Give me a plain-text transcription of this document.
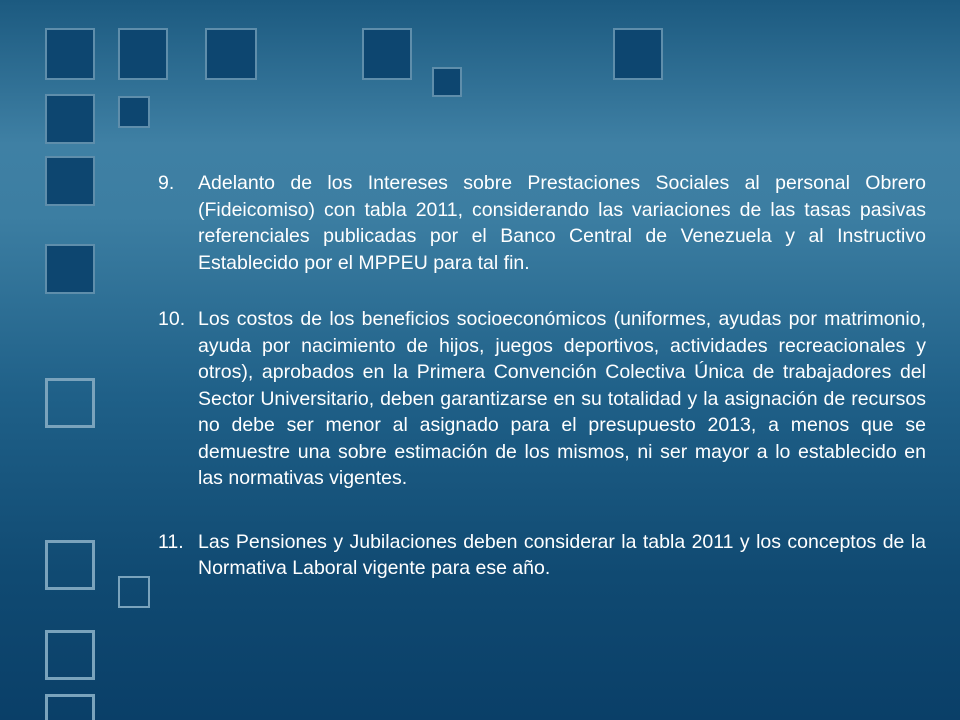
9.	Adelanto de los Intereses sobre Prestaciones Sociales al personal Obrero (Fideicomiso) con tabla 2011, considerando las variaciones de las tasas pasivas referenciales publicadas por el Banco Central de Venezuela y al Instructivo Establecido por el MPPEU para tal fin.
10. Los costos de los beneficios socioeconómicos (uniformes, ayudas por matrimonio, ayuda por nacimiento de hijos, juegos deportivos, actividades recreacionales y otros), aprobados en la Primera Convención Colectiva Única de trabajadores del Sector Universitario, deben garantizarse en su totalidad y la asignación de recursos no debe ser menor al asignado para el presupuesto 2013, a menos que se demuestre una sobre estimación de los mismos, ni ser mayor a lo establecido en las normativas vigentes.
11. Las Pensiones y Jubilaciones deben considerar la tabla 2011 y los conceptos de la Normativa Laboral vigente para ese año.
